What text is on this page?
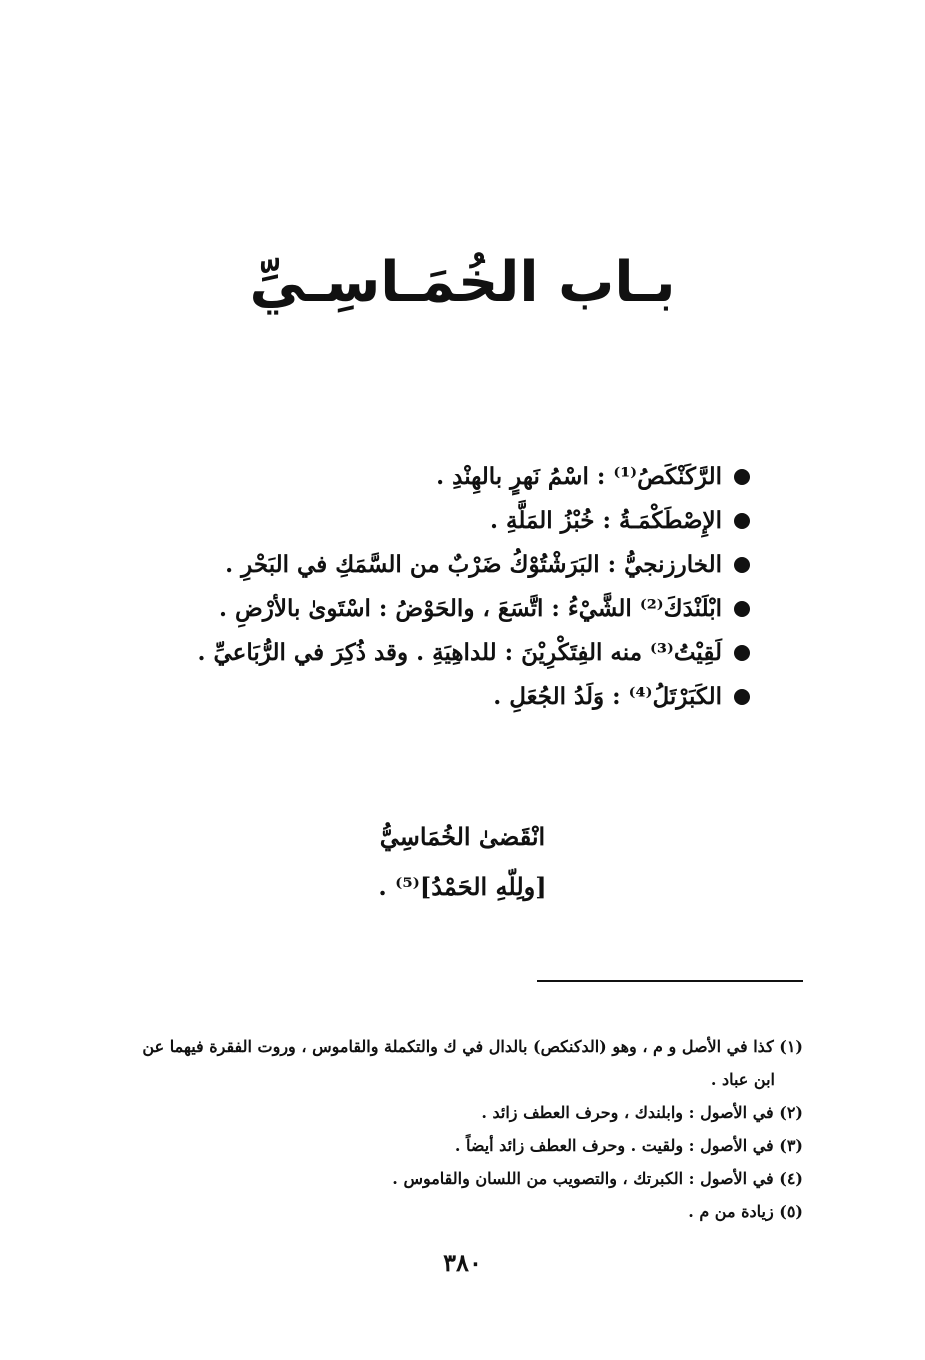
بـاب الخُمَـاسِـيِّ
الرَّكَنْكَصُ⁽¹⁾ : اسْمُ نَهرٍ بالهِنْدِ .
الإِصْطَكْمَـةُ : خُبْزُ المَلَّةِ .
الخارزنجيُّ : البَرَشْتُوْكُ ضَرْبٌ من السَّمَكِ في البَحْرِ .
ابْلَنْدَكَ⁽²⁾ الشَّيْءُ : اتَّسَعَ ، والحَوْضُ : اسْتَوىٰ بالأرْضِ .
لَقِيْتُ⁽³⁾ منه الفِتَكْرِيْنَ : للداهِيَةِ . وقد ذُكِرَ في الرُّبَاعيِّ .
الكَبَرْتَلُ⁽⁴⁾ : وَلَدُ الجُعَلِ .
انْقَضىٰ الخُمَاسِيُّ
[ولِلّهِ الحَمْدُ]⁽⁵⁾ .

(١) كذا في الأصل و م ، وهو (الدكنكص) بالدال في ك والتكملة والقاموس ، وروت الفقرة فيهما عن

ابن عباد .

(٢) في الأصول : وابلندك ، وحرف العطف زائد .

(٣) في الأصول : ولقيت . وحرف العطف زائد أيضاً .

(٤) في الأصول : الكبرتك ، والتصويب من اللسان والقاموس .

(٥) زيادة من م .

٣٨٠
